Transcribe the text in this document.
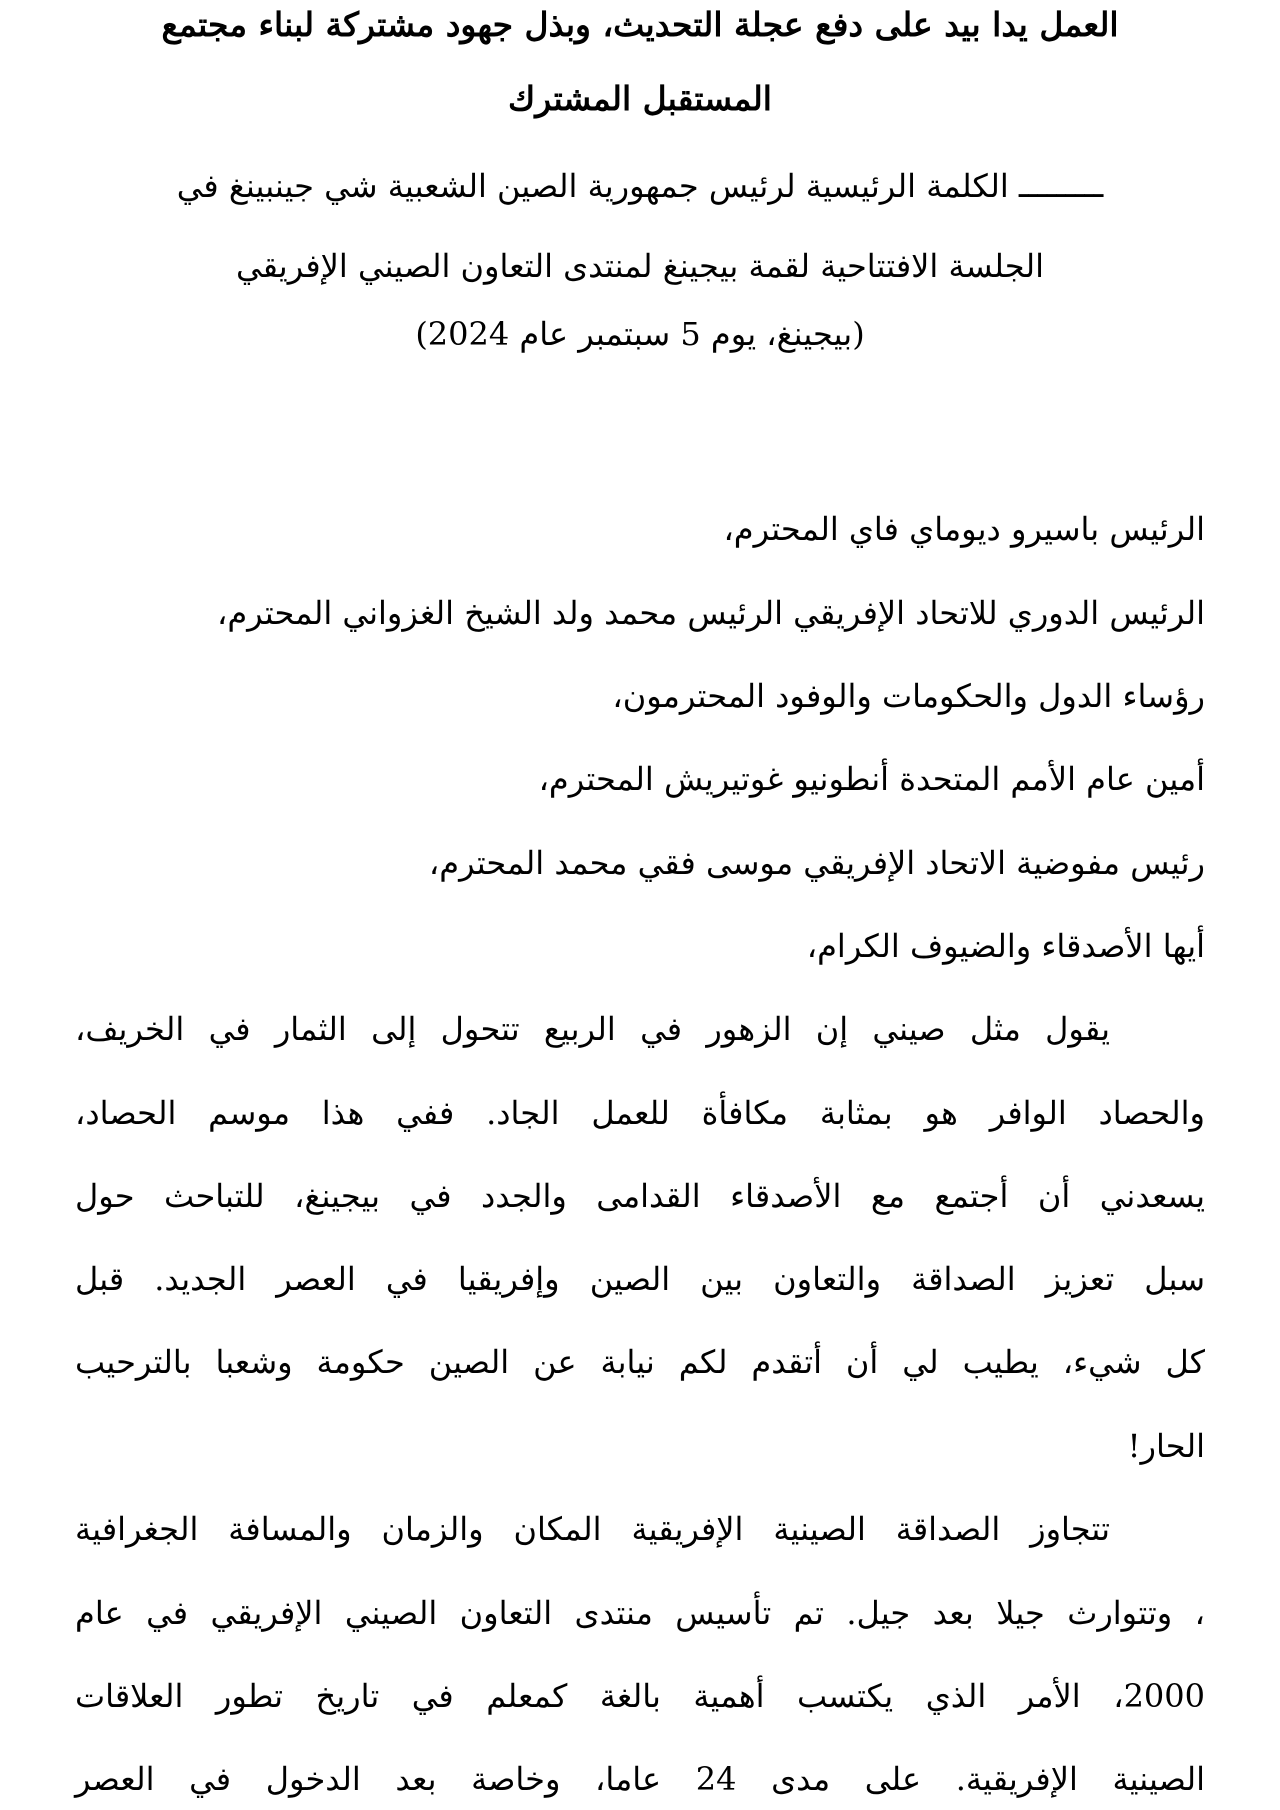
العمل يدا بيد على دفع عجلة التحديث، وبذل جهود مشتركة لبناء مجتمع
المستقبل المشترك
ـــــــــ الكلمة الرئيسية لرئيس جمهورية الصين الشعبية شي جينبينغ في
الجلسة الافتتاحية لقمة بيجينغ لمنتدى التعاون الصيني الإفريقي
(بيجينغ، يوم 5 سبتمبر عام 2024)
الرئيس باسيرو ديوماي فاي المحترم،
الرئيس الدوري للاتحاد الإفريقي الرئيس محمد ولد الشيخ الغزواني المحترم،
رؤساء الدول والحكومات والوفود المحترمون،
أمين عام الأمم المتحدة أنطونيو غوتيريش المحترم،
رئيس مفوضية الاتحاد الإفريقي موسى فقي محمد المحترم،
أيها الأصدقاء والضيوف الكرام،
يقول مثل صيني إن الزهور في الربيع تتحول إلى الثمار في الخريف،
والحصاد الوافر هو بمثابة مكافأة للعمل الجاد. ففي هذا موسم الحصاد،
يسعدني أن أجتمع مع الأصدقاء القدامى والجدد في بيجينغ، للتباحث حول
سبل تعزيز الصداقة والتعاون بين الصين وإفريقيا في العصر الجديد. قبل
كل شيء، يطيب لي أن أتقدم لكم نيابة عن الصين حكومة وشعبا بالترحيب
الحار!
تتجاوز الصداقة الصينية الإفريقية المكان والزمان والمسافة الجغرافية
، وتتوارث جيلا بعد جيل. تم تأسيس منتدى التعاون الصيني الإفريقي في عام
2000، الأمر الذي يكتسب أهمية بالغة كمعلم في تاريخ تطور العلاقات
الصينية الإفريقية. على مدى 24 عاما، وخاصة بعد الدخول في العصر
